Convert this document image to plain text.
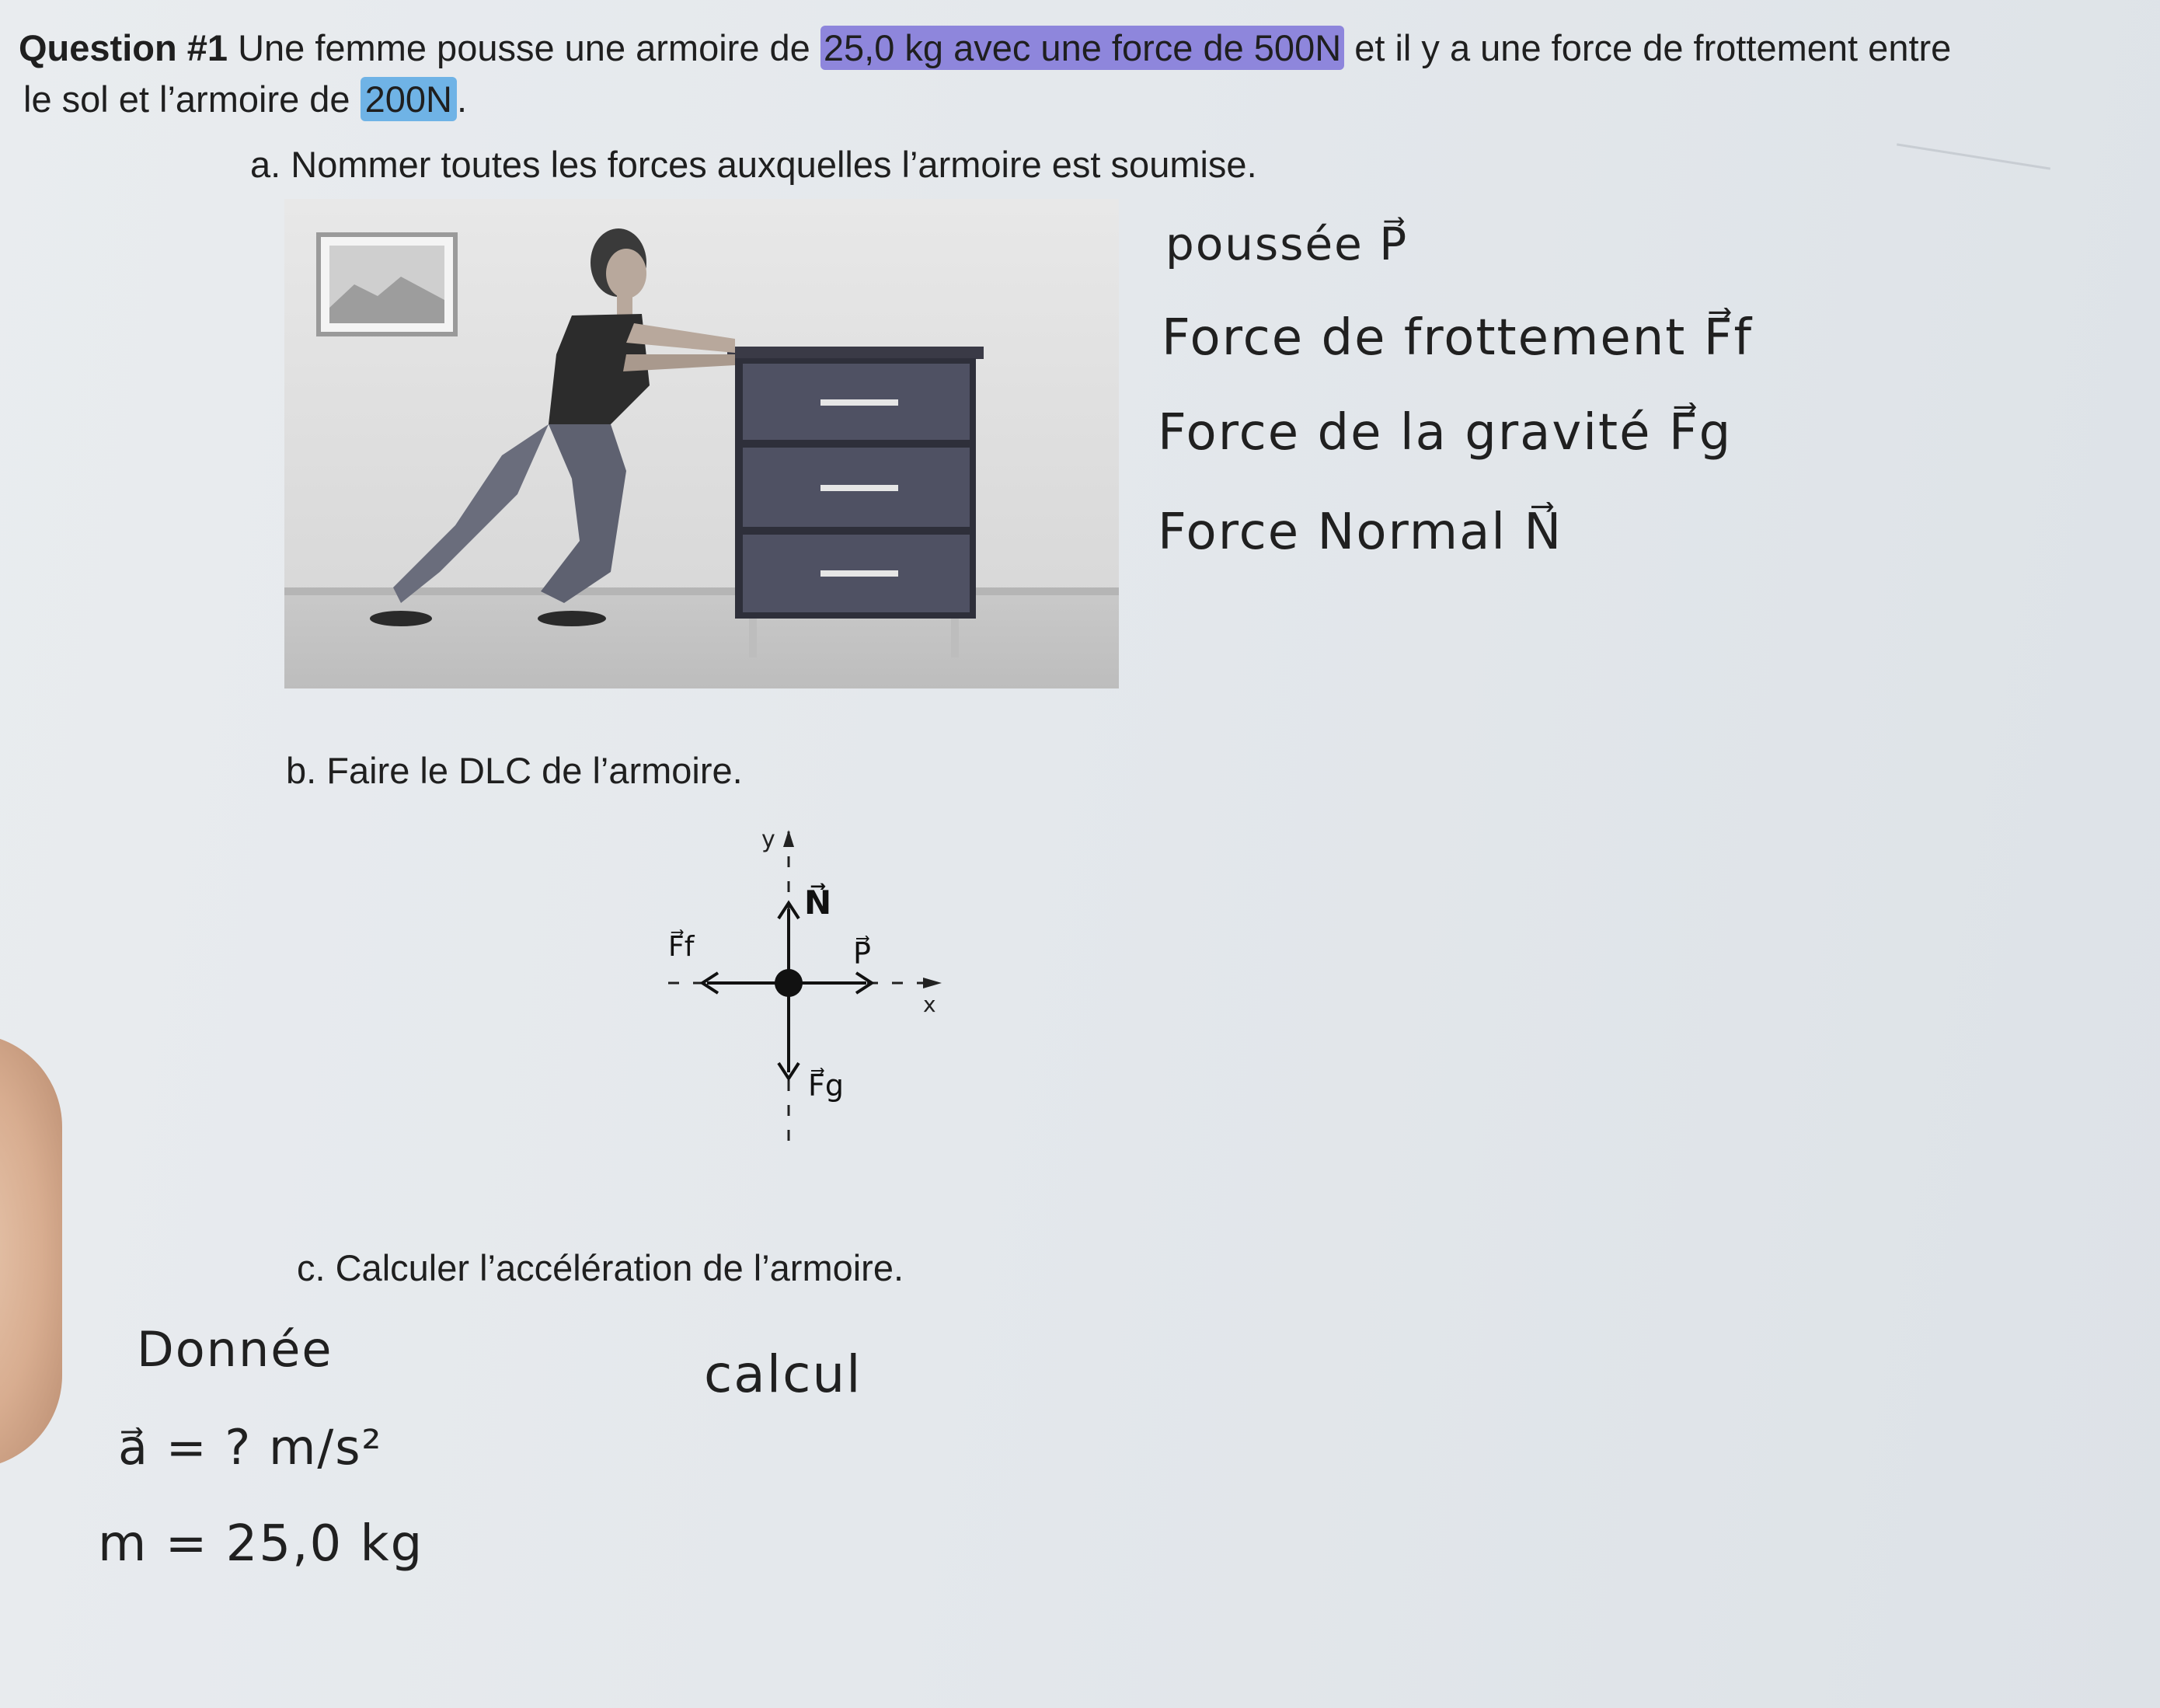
Question #1 Une femme pousse une armoire de 25,0 kg avec une force de 500N et il y a une force de frottement entre
le sol et l’armoire de 200N .
a. Nommer toutes les forces auxquelles l’armoire est soumise.
poussée P⃗
Force de frottement F⃗f
Force de la gravité F⃗g
Force Normal N⃗
b. Faire le DLC de l’armoire.
y
x
N⃗
P⃗
F⃗f
F⃗g
c. Calculer l’accélération de l’armoire.
Donnée	calcul
a⃗ = ? m/s²
m = 25,0 kg
